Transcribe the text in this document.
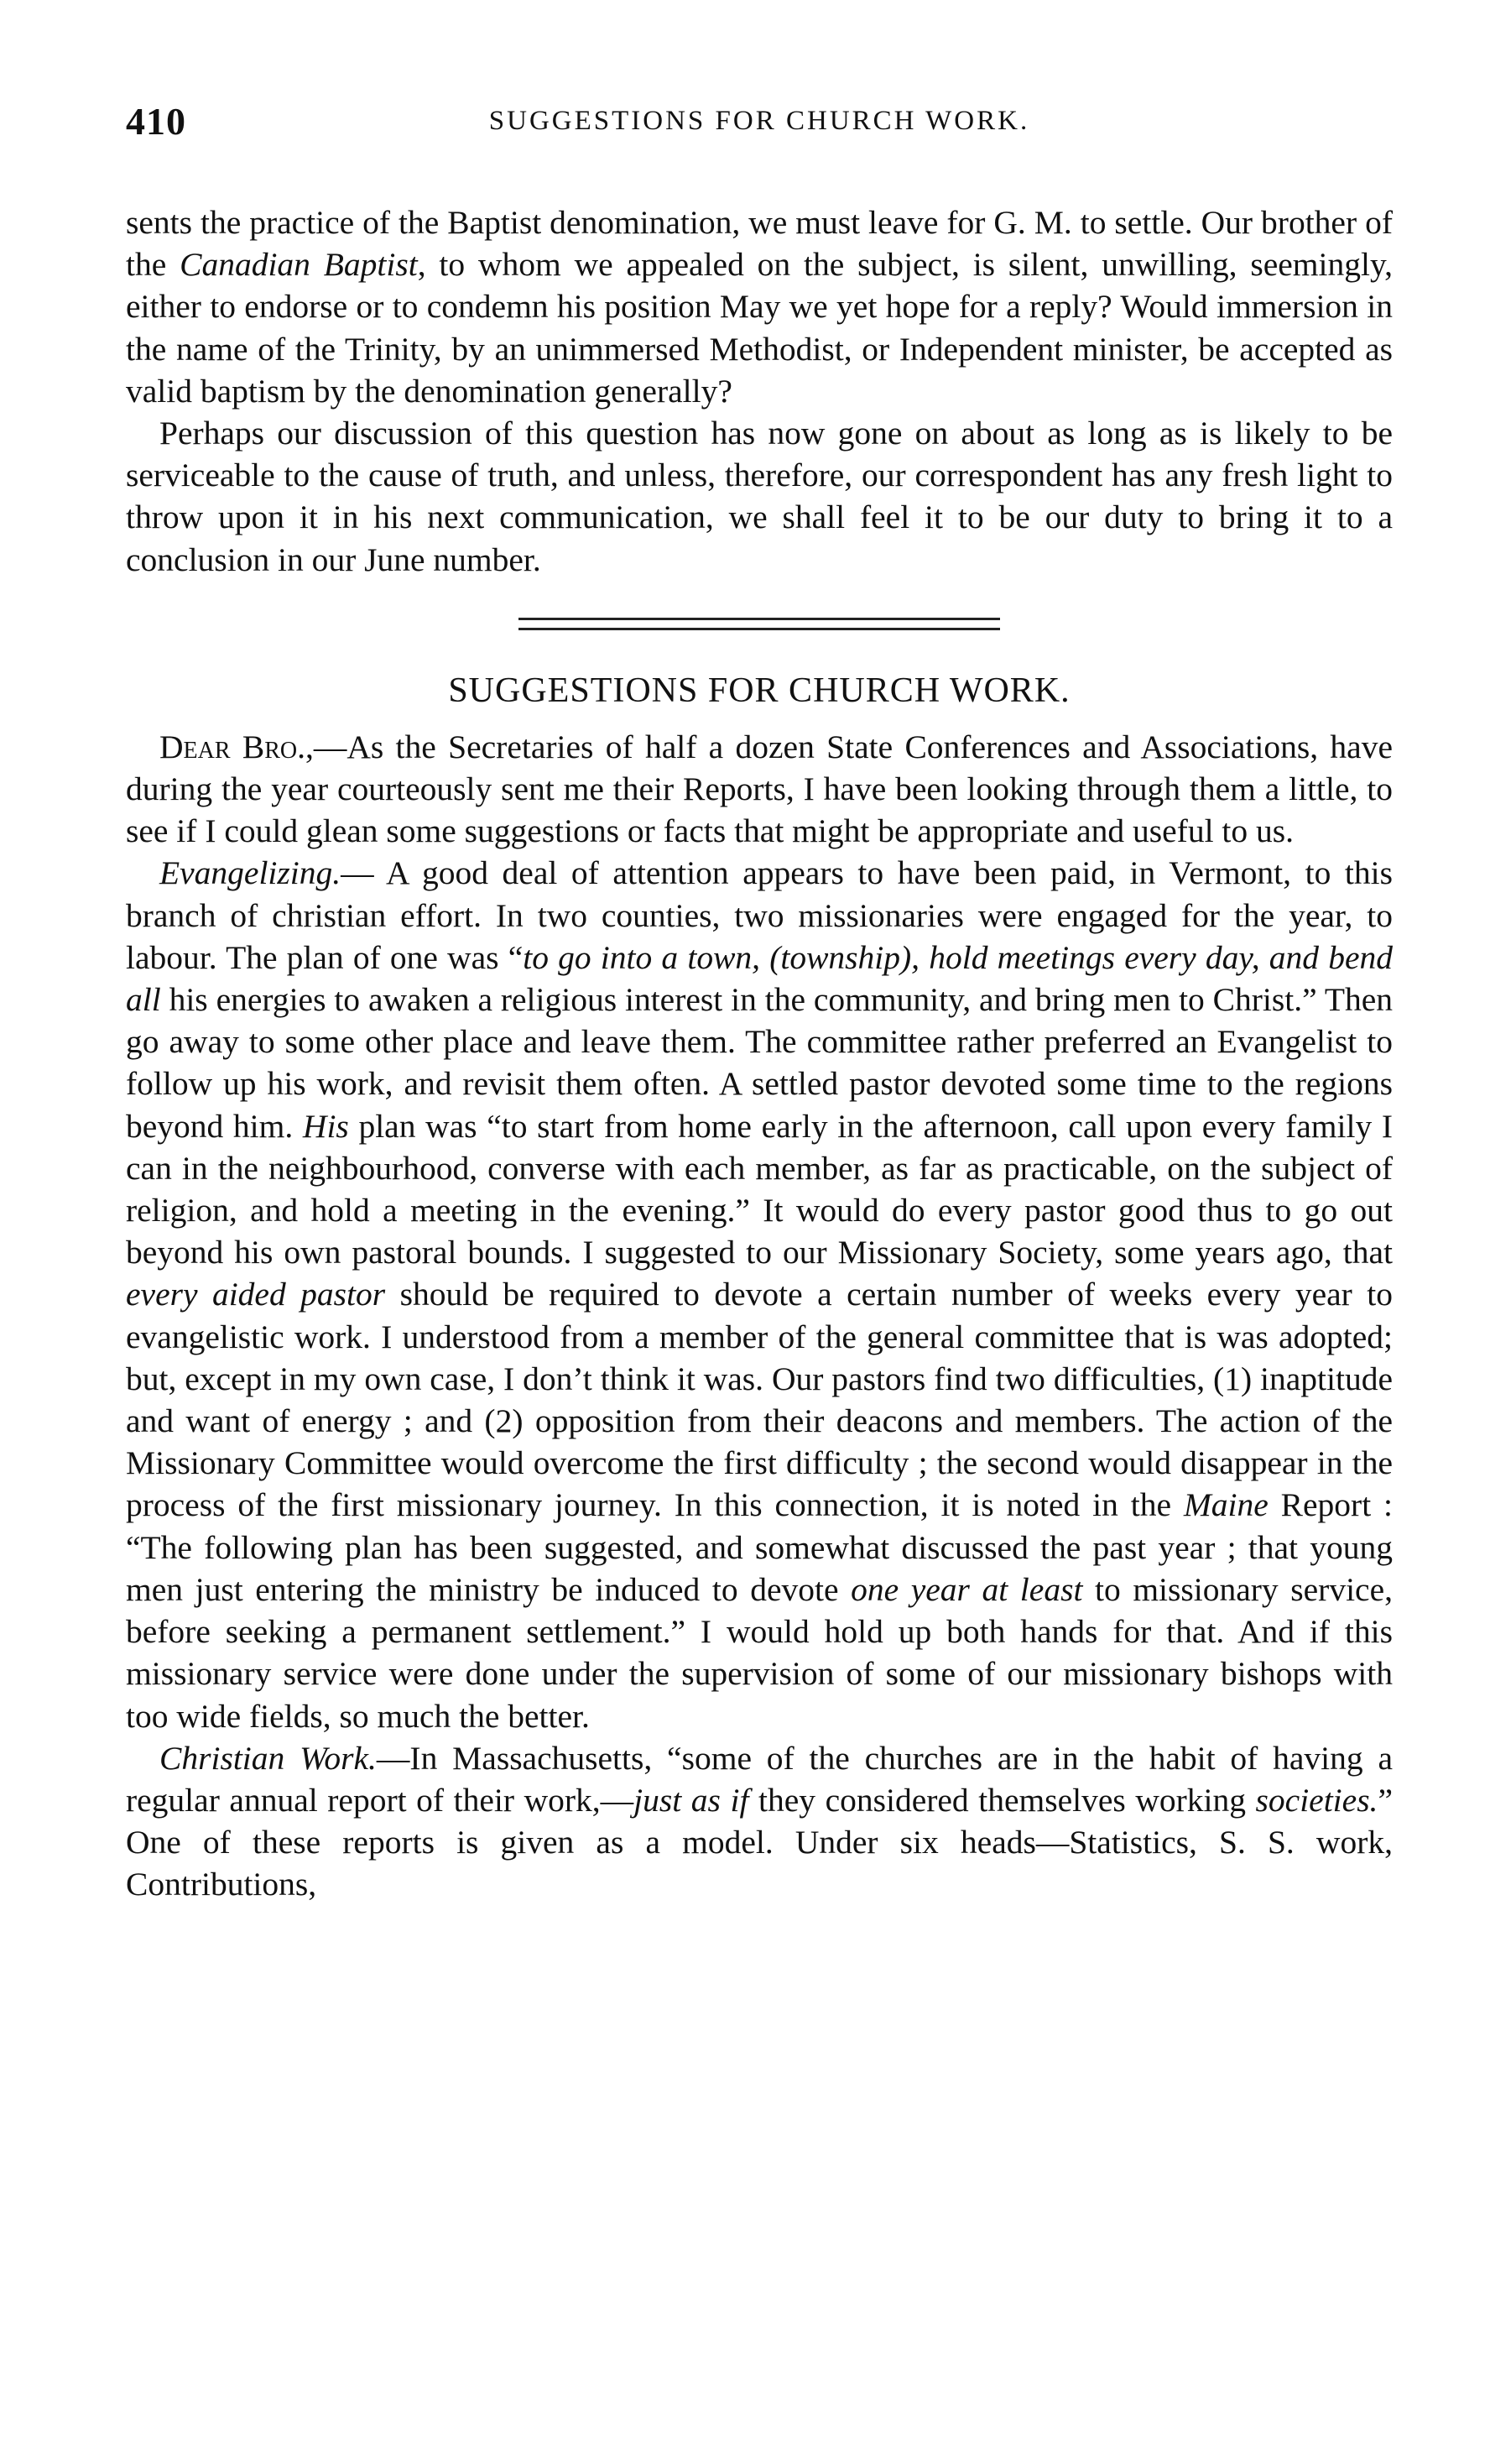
410	SUGGESTIONS FOR CHURCH WORK.

sents the practice of the Baptist denomination, we must leave for G. M. to settle. Our brother of the Canadian Baptist, to whom we appealed on the subject, is silent, unwilling, seemingly, either to endorse or to condemn his position May we yet hope for a reply? Would immersion in the name of the Trinity, by an unimmersed Methodist, or Independent minister, be accepted as valid baptism by the denomination generally?

Perhaps our discussion of this question has now gone on about as long as is likely to be serviceable to the cause of truth, and unless, therefore, our correspondent has any fresh light to throw upon it in his next communication, we shall feel it to be our duty to bring it to a conclusion in our June number.

SUGGESTIONS FOR CHURCH WORK.

Dear Bro.,—As the Secretaries of half a dozen State Conferences and Associations, have during the year courteously sent me their Reports, I have been looking through them a little, to see if I could glean some suggestions or facts that might be appropriate and useful to us.

Evangelizing.— A good deal of attention appears to have been paid, in Vermont, to this branch of christian effort. In two counties, two missionaries were engaged for the year, to labour. The plan of one was “to go into a town, (township), hold meetings every day, and bend all his energies to awaken a religious interest in the community, and bring men to Christ.” Then go away to some other place and leave them. The committee rather preferred an Evangelist to follow up his work, and revisit them often. A settled pastor devoted some time to the regions beyond him. His plan was “to start from home early in the afternoon, call upon every family I can in the neighbourhood, converse with each member, as far as practicable, on the subject of religion, and hold a meeting in the evening.” It would do every pastor good thus to go out beyond his own pastoral bounds. I suggested to our Missionary Society, some years ago, that every aided pastor should be required to devote a certain number of weeks every year to evangelistic work. I understood from a member of the general committee that is was adopted; but, except in my own case, I don’t think it was. Our pastors find two difficulties, (1) inaptitude and want of energy ; and (2) opposition from their deacons and members. The action of the Missionary Committee would overcome the first difficulty ; the second would disappear in the process of the first missionary journey. In this connection, it is noted in the Maine Report : “The following plan has been suggested, and somewhat discussed the past year ; that young men just entering the ministry be induced to devote one year at least to missionary service, before seeking a permanent settlement.” I would hold up both hands for that. And if this missionary service were done under the supervision of some of our missionary bishops with too wide fields, so much the better.

Christian Work.—In Massachusetts, “some of the churches are in the habit of having a regular annual report of their work,—just as if they considered themselves working societies.” One of these reports is given as a model. Under six heads—Statistics, S. S. work, Contributions,
